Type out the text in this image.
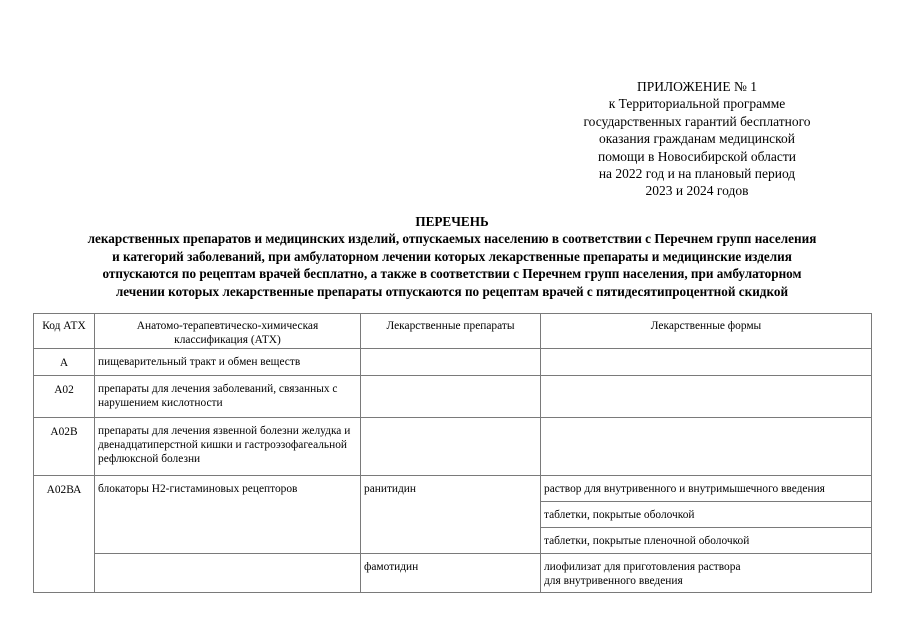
ПРИЛОЖЕНИЕ № 1
к Территориальной программе
государственных гарантий бесплатного
оказания гражданам медицинской
помощи в Новосибирской области
на 2022 год и на плановый период
2023 и 2024 годов
ПЕРЕЧЕНЬ
лекарственных препаратов и медицинских изделий, отпускаемых населению в соответствии с Перечнем групп населения
и категорий заболеваний, при амбулаторном лечении которых лекарственные препараты и медицинские изделия
отпускаются по рецептам врачей бесплатно, а также в соответствии с Перечнем групп населения, при амбулаторном
лечении которых лекарственные препараты отпускаются по рецептам врачей с пятидесятипроцентной скидкой
Код АТХ	Анатомо-терапевтическо-химическая классификация (АТХ)	Лекарственные препараты	Лекарственные формы
А	пищеварительный тракт и обмен веществ		
А02	препараты для лечения заболеваний, связанных с нарушением кислотности		
А02В	препараты для лечения язвенной болезни желудка и двенадцатиперстной кишки и гастроэзофагеальной рефлюксной болезни		
А02ВА	блокаторы Н2-гистаминовых рецепторов	ранитидин	раствор для внутривенного и внутримышечного введения
			таблетки, покрытые оболочкой
			таблетки, покрытые пленочной оболочкой
		фамотидин	лиофилизат для приготовления раствора
для внутривенного введения
